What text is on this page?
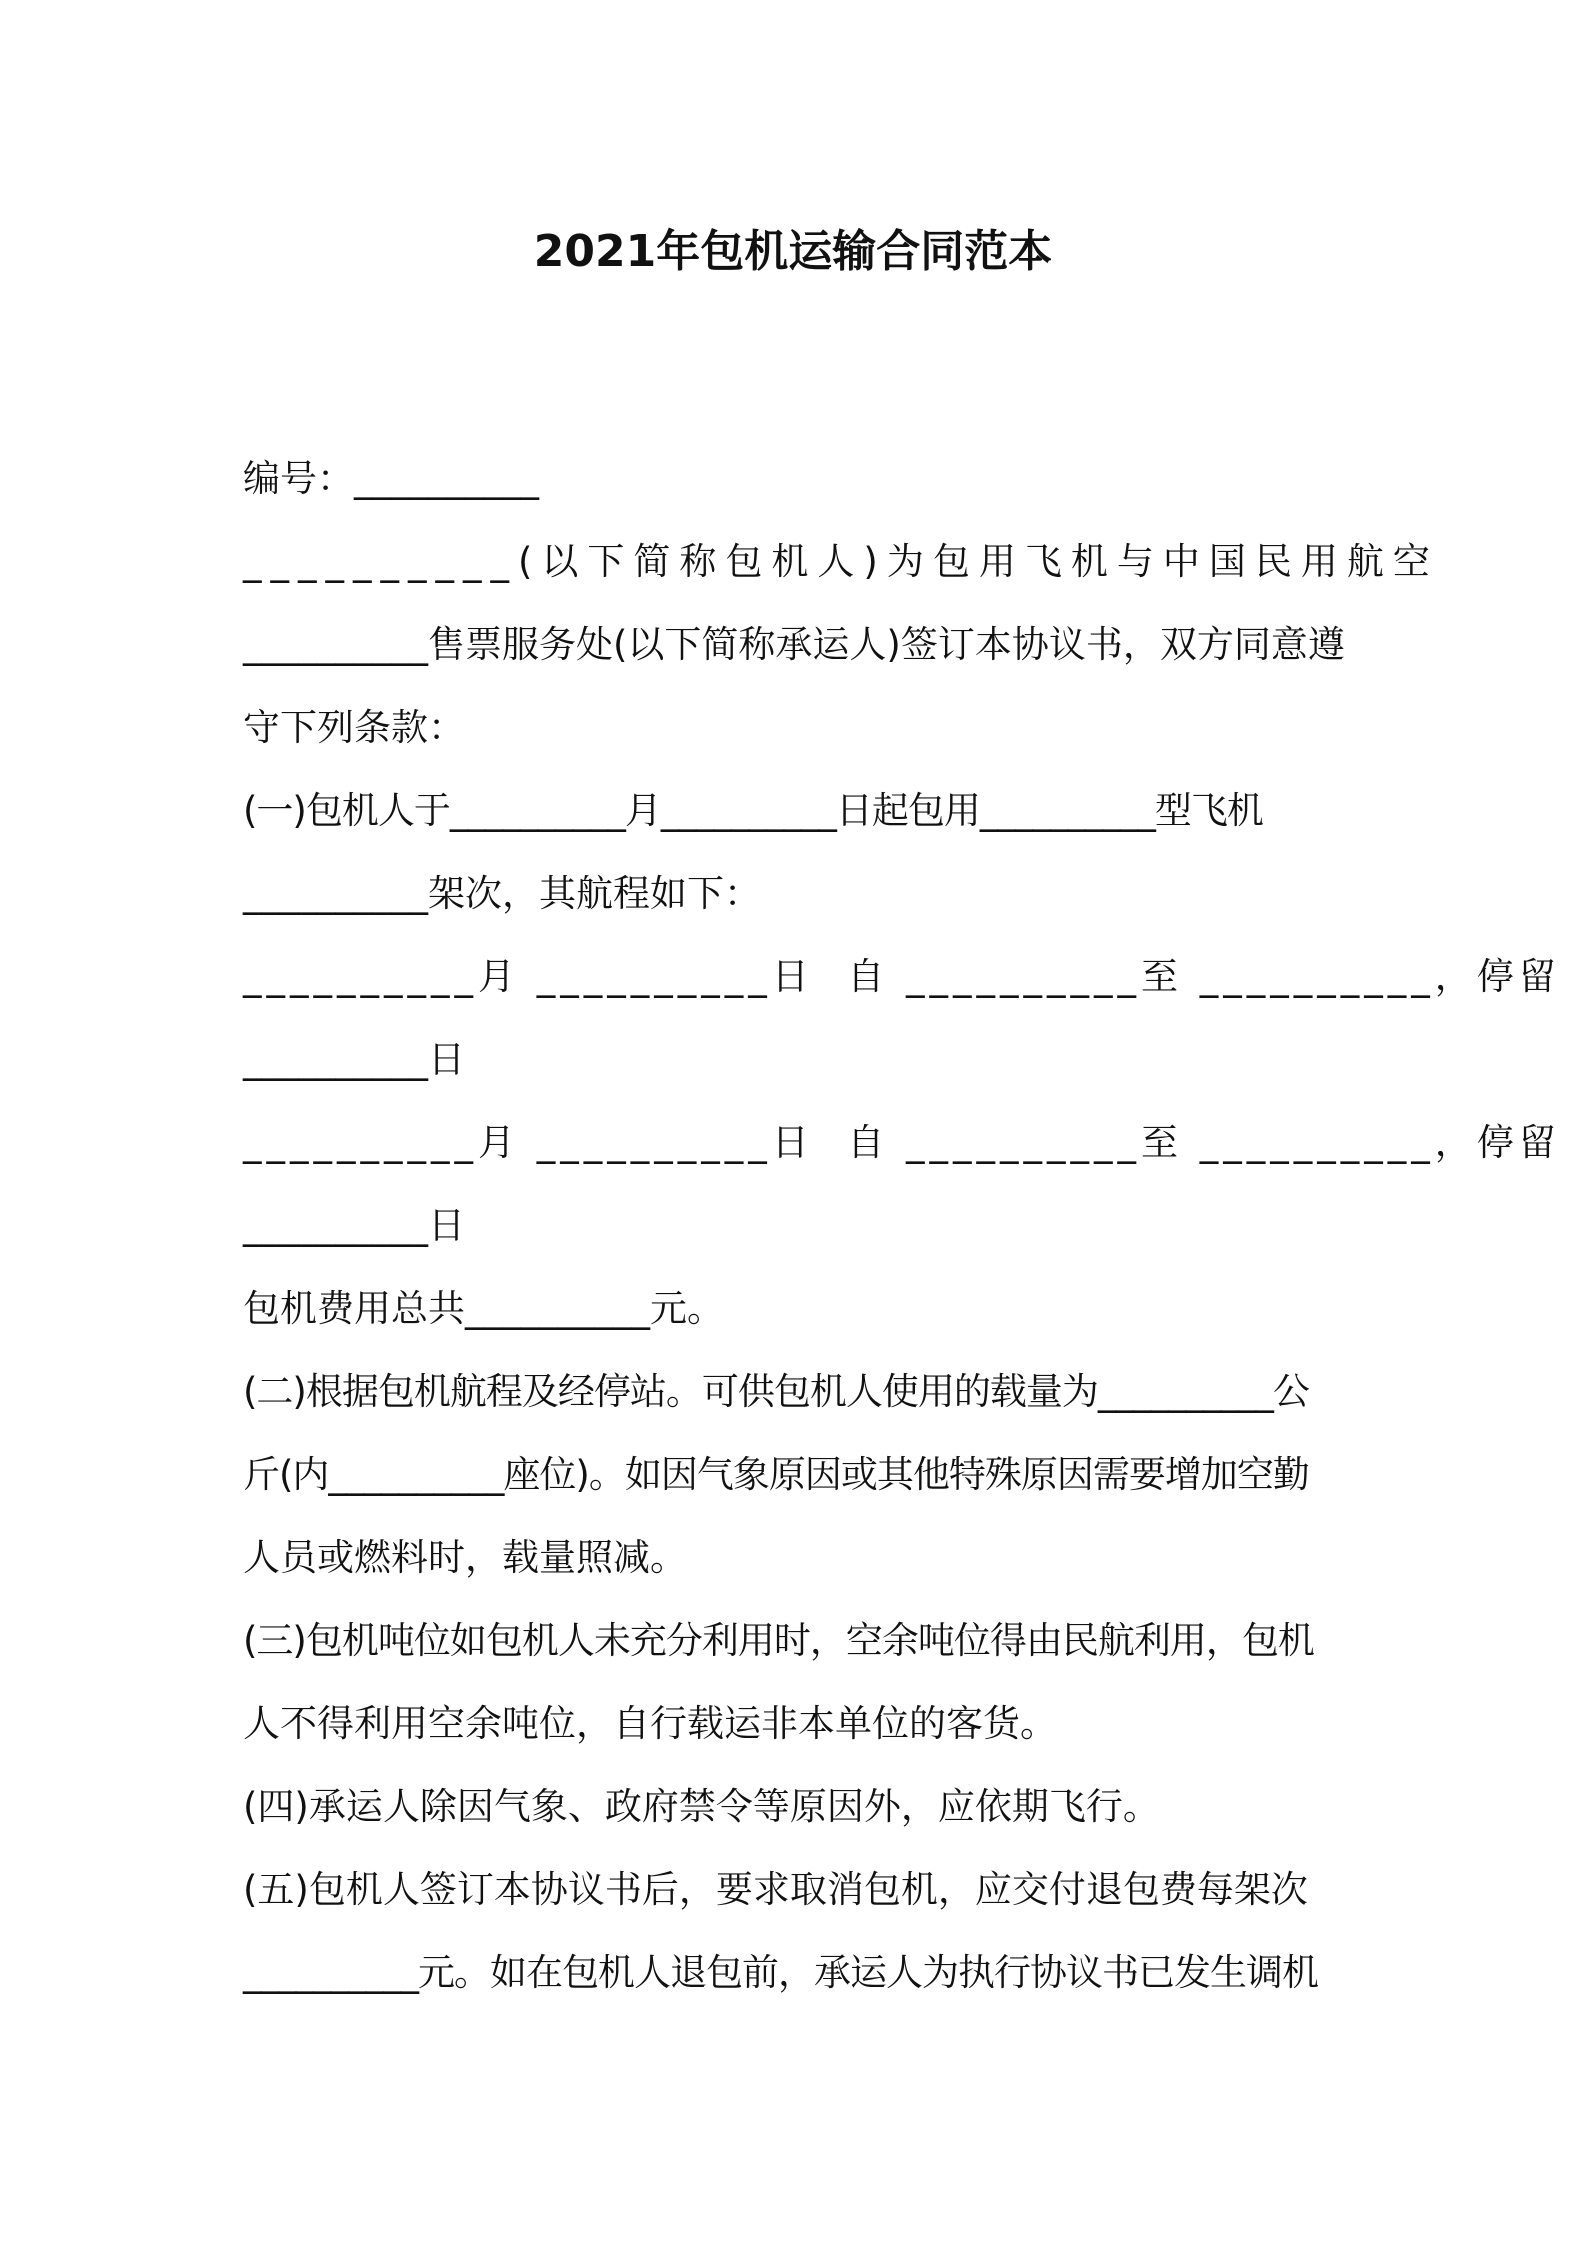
2021年包机运输合同范本
编号：__________
__________(以下简称包机人)为包用飞机与中国民用航空
__________售票服务处(以下简称承运人)签订本协议书，双方同意遵
守下列条款：
(一)包机人于__________月__________日起包用__________型飞机
__________架次，其航程如下：
__________月 __________日  自 __________至 __________，停留
__________日
__________月 __________日  自 __________至 __________，停留
__________日
包机费用总共__________元。
(二)根据包机航程及经停站。可供包机人使用的载量为__________公
斤(内__________座位)。如因气象原因或其他特殊原因需要增加空勤
人员或燃料时，载量照减。
(三)包机吨位如包机人未充分利用时，空余吨位得由民航利用，包机
人不得利用空余吨位，自行载运非本单位的客货。
(四)承运人除因气象、政府禁令等原因外，应依期飞行。
(五)包机人签订本协议书后，要求取消包机，应交付退包费每架次
__________元。如在包机人退包前，承运人为执行协议书已发生调机
